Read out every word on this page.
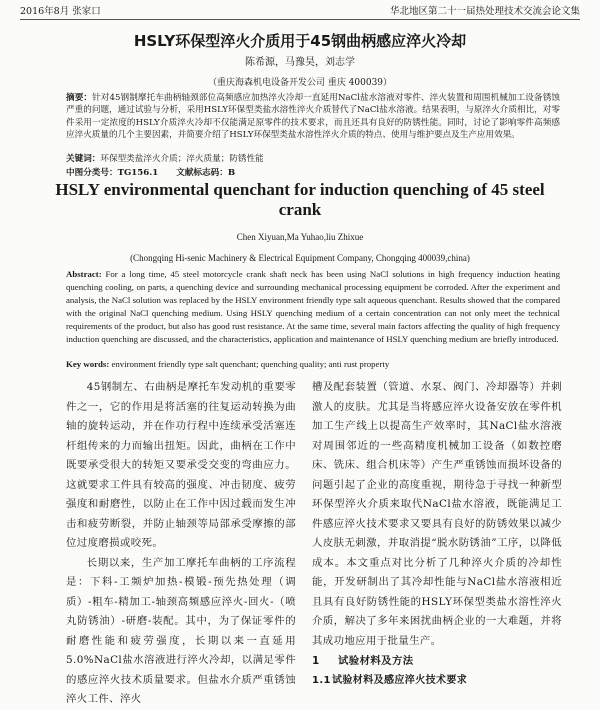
2016年8月 张家口	华北地区第二十一届热处理技术交流会论文集
HSLY环保型淬火介质用于45钢曲柄感应淬火冷却
陈希源，马豫昊，刘志学
（重庆海森机电设备开发公司 重庆 400039）
摘要：针对45钢制摩托车曲柄轴颈部位高频感应加热淬火冷却一直延用NaCl盐水溶液对零件、淬火装置和周围机械加工设备锈蚀严重的问题，通过试验与分析，采用HSLY环保型类盐水溶性淬火介质替代了NaCl盐水溶液。结果表明，与原淬火介质相比，对零件采用一定浓度的HSLY介质淬火冷却不仅能满足原零件的技术要求，而且还具有良好的防锈性能。同时，讨论了影响零件高频感应淬火质量的几个主要因素，并简要介绍了HSLY环保型类盐水溶性淬火介质的特点、使用与维护要点及生产应用效果。
关键词：环保型类盐淬火介质；淬火质量；防锈性能
中图分类号：TG156.1 文献标志码：B
HSLY environmental quenchant for induction quenching of 45 steel crank
Chen Xiyuan,Ma Yuhao,liu Zhixue
(Chongqing Hi-senic Machinery & Electrical Equipment Company, Chongqing 400039,china)
Abstract: For a long time, 45 steel motorcycle crank shaft neck has been using NaCl solutions in high frequency induction heating quenching cooling, on parts, a quenching device and surrounding mechanical processing equipment be corroded. After the experiment and analysis, the NaCl solution was replaced by the HSLY environment friendly type salt aqueous quenchant. Results showed that the compared with the original NaCl quenching medium. Using HSLY quenching medium of a certain concentration can not only meet the technical requirements of the product, but also has good rust resistance. At the same time, several main factors affecting the quality of high frequency induction quenching are discussed, and the characteristics, application and maintenance of HSLY quenching medium are briefly introduced.
Key words: environment friendly type salt quenchant; quenching quality; anti rust property

45钢制左、右曲柄是摩托车发动机的重要零件之一，它的作用是将活塞的往复运动转换为曲轴的旋转运动，并在作功行程中连续承受活塞连杆组传来的力而输出扭矩。因此，曲柄在工作中既要承受很大的转矩又要承受交变的弯曲应力。这就要求工件具有较高的强度、冲击韧度、疲劳强度和耐磨性，以防止在工作中因过载而发生冲击和疲劳断裂，并防止轴颈等局部承受摩擦的部位过度磨损或咬死。

长期以来，生产加工摩托车曲柄的工序流程是：下料-工频炉加热-模锻-预先热处理（调质）-粗车-精加工-轴颈高频感应淬火-回火-（喷丸防锈油）-研磨-装配。其中，为了保证零件的耐磨性能和疲劳强度，长期以来一直延用5.0%NaCl盐水溶液进行淬火冷却，以满足零件的感应淬火技术质量要求。但盐水介质严重锈蚀淬火工件、淬火

槽及配套装置（管道、水泵、阀门、冷却器等）并刺激人的皮肤。尤其是当将感应淬火设备安放在零件机加工生产线上以提高生产效率时，其NaCl盐水溶液对周围邻近的一些高精度机械加工设备（如数控磨床、铣床、组合机床等）产生严重锈蚀而损坏设备的问题引起了企业的高度重视，期待急于寻找一种新型环保型淬火介质来取代NaCl盐水溶液，既能满足工件感应淬火技术要求又要具有良好的防锈效果以减少人皮肤无刺激，并取消提“脱水防锈油”工序，以降低成本。本文重点对比分析了几种淬火介质的冷却性能，开发研制出了其冷却性能与NaCl盐水溶液相近且具有良好防锈性能的HSLY环保型类盐水溶性淬火介质，解决了多年来困扰曲柄企业的一大难题，并将其成功地应用于批量生产。

1 试验材料及方法
1.1试验材料及感应淬火技术要求
